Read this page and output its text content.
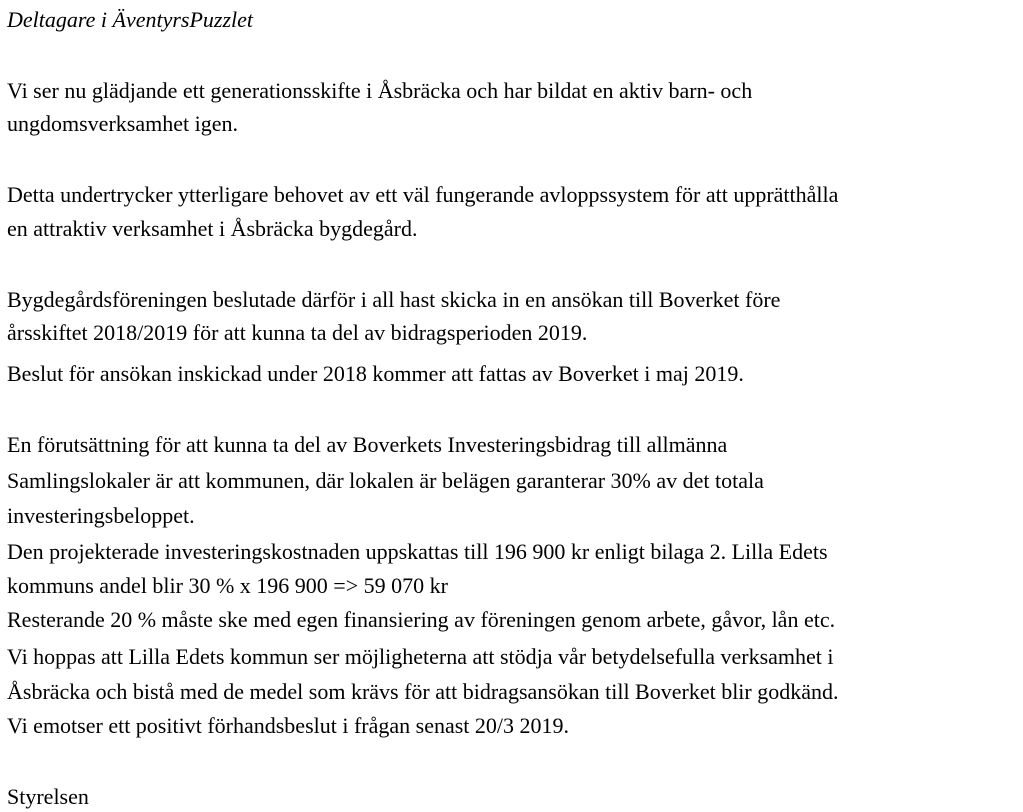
Deltagare i ÄventyrsPuzzlet
Vi ser nu glädjande ett generationsskifte i Åsbräcka och har bildat en aktiv barn- och
ungdomsverksamhet igen.
Detta undertrycker ytterligare behovet av ett väl fungerande avloppssystem för att upprätthålla
en attraktiv verksamhet i Åsbräcka bygdegård.
Bygdegårdsföreningen beslutade därför i all hast skicka in en ansökan till Boverket före
årsskiftet 2018/2019 för att kunna ta del av bidragsperioden 2019.
Beslut för ansökan inskickad under 2018 kommer att fattas av Boverket i maj 2019.
En förutsättning för att kunna ta del av Boverkets Investeringsbidrag till allmänna
Samlingslokaler är att kommunen, där lokalen är belägen garanterar 30% av det totala
investeringsbeloppet.
Den projekterade investeringskostnaden uppskattas till 196 900 kr enligt bilaga 2. Lilla Edets
kommuns andel blir 30 % x 196 900 => 59 070 kr
Resterande 20 % måste ske med egen finansiering av föreningen genom arbete, gåvor, lån etc.
Vi hoppas att Lilla Edets kommun ser möjligheterna att stödja vår betydelsefulla verksamhet i
Åsbräcka och bistå med de medel som krävs för att bidragsansökan till Boverket blir godkänd.
Vi emotser ett positivt förhandsbeslut i frågan senast 20/3 2019.
Styrelsen
